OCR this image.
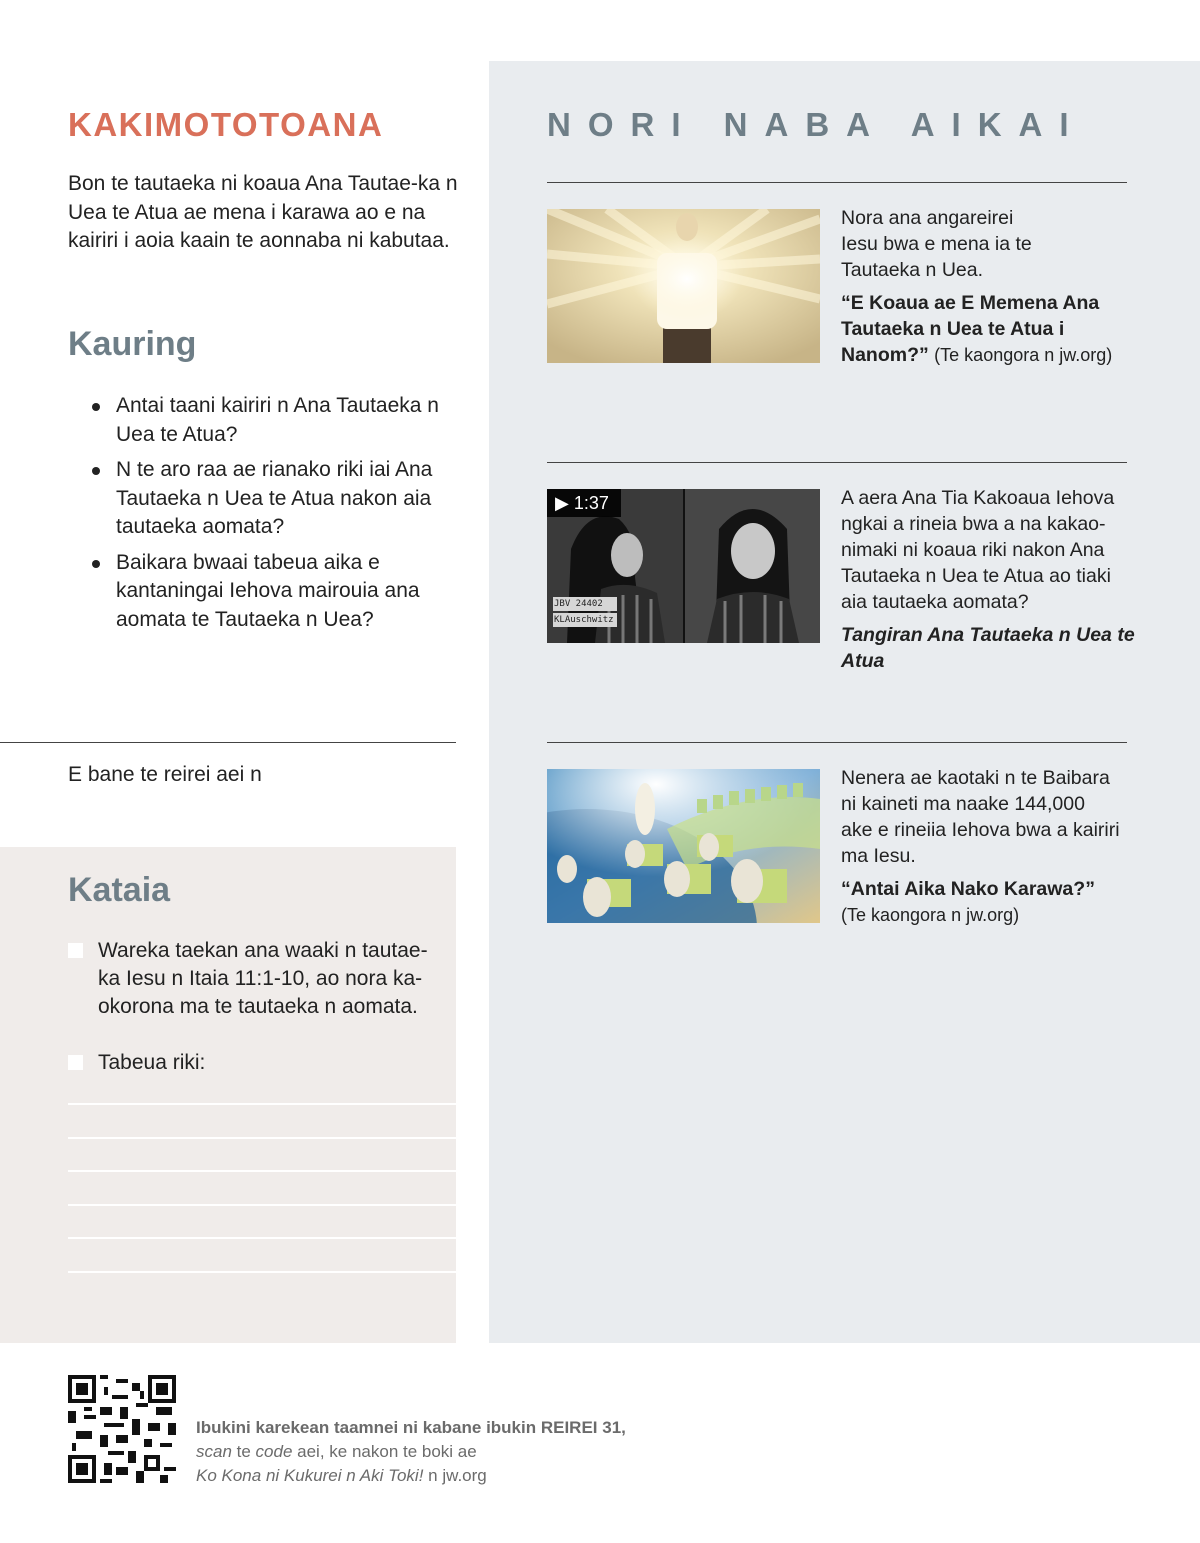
KAKIMOTOTOANA

Bon te tautaeka ni koaua Ana Tautae-ka n Uea te Atua ae mena i karawa ao e na kairiri i aoia kaain te aonnaba ni kabutaa.

Kauring
Antai taani kairiri n Ana Tautaeka n Uea te Atua?
N te aro raa ae rianako riki iai Ana Tautaeka n Uea te Atua nakon aia tautaeka aomata?
Baikara bwaai tabeua aika e kantaningai Iehova mairouia ana aomata te Tautaeka n Uea?
E bane te reirei aei n
Kataia
Wareka taekan ana waaki n tautae-ka Iesu n Itaia 11:1-10, ao nora ka-okorona ma te tautaeka n aomata.
Tabeua riki:
NORI NABA AIKAI
Nora ana angareirei Iesu bwa e mena ia te Tautaeka n Uea.
“E Koaua ae E Memena Ana Tautaeka n Uea te Atua i Nanom?” (Te kaongora n jw.org)
▶ 1:37
JBV 24402
KLAuschwitz
A aera Ana Tia Kakoaua Iehova ngkai a rineia bwa a na kakao-nimaki ni koaua riki nakon Ana Tautaeka n Uea te Atua ao tiaki aia tautaeka aomata?
Tangiran Ana Tautaeka n Uea te Atua
Nenera ae kaotaki n te Baibara ni kaineti ma naake 144,000 ake e rineiia Iehova bwa a kairiri ma Iesu.
“Antai Aika Nako Karawa?”
(Te kaongora n jw.org)
Ibukini karekean taamnei ni kabane ibukin REIREI 31,
scan te code aei, ke nakon te boki ae
Ko Kona ni Kukurei n Aki Toki! n jw.org
